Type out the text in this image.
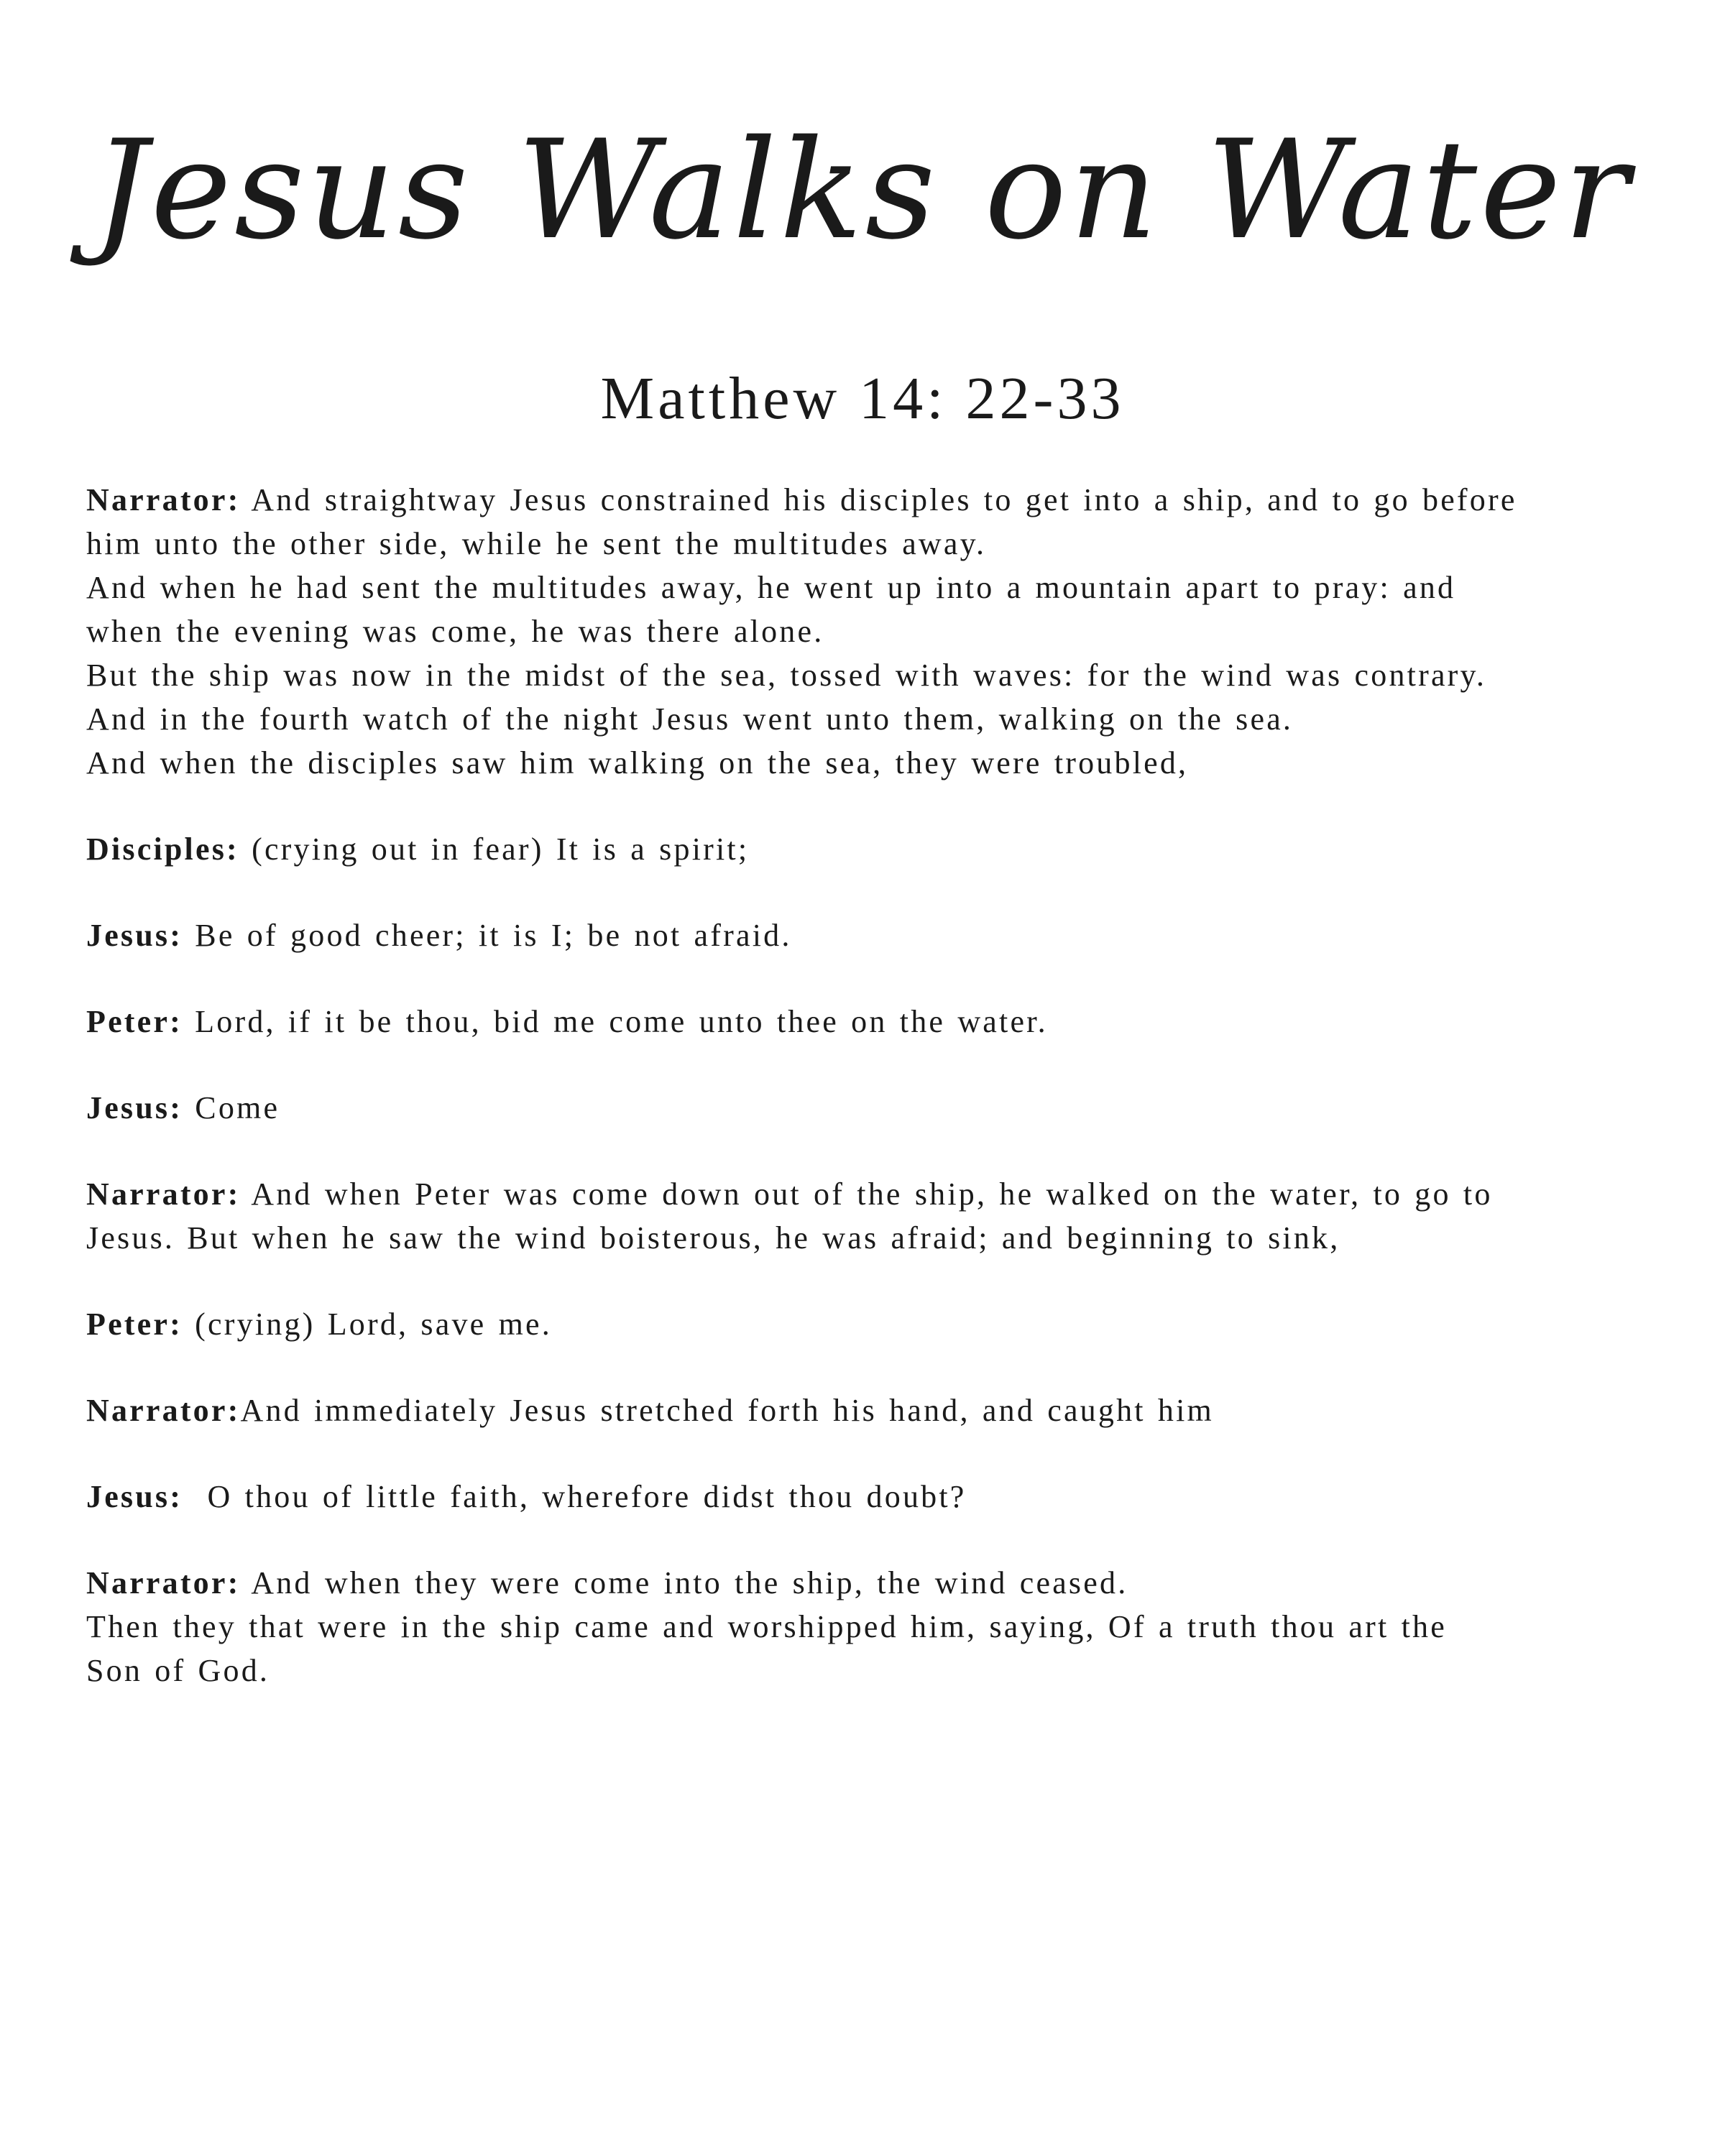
Jesus Walks on Water
Matthew 14: 22-33
Narrator: And straightway Jesus constrained his disciples to get into a ship, and to go before
him unto the other side, while he sent the multitudes away.
And when he had sent the multitudes away, he went up into a mountain apart to pray: and
when the evening was come, he was there alone.
But the ship was now in the midst of the sea, tossed with waves: for the wind was contrary.
And in the fourth watch of the night Jesus went unto them, walking on the sea.
And when the disciples saw him walking on the sea, they were troubled,
Disciples: (crying out in fear) It is a spirit;
Jesus: Be of good cheer; it is I; be not afraid.
Peter: Lord, if it be thou, bid me come unto thee on the water.
Jesus: Come
Narrator: And when Peter was come down out of the ship, he walked on the water, to go to
Jesus. But when he saw the wind boisterous, he was afraid; and beginning to sink,
Peter: (crying) Lord, save me.
Narrator:And immediately Jesus stretched forth his hand, and caught him
Jesus:  O thou of little faith, wherefore didst thou doubt?
Narrator: And when they were come into the ship, the wind ceased.
Then they that were in the ship came and worshipped him, saying, Of a truth thou art the
Son of God.
